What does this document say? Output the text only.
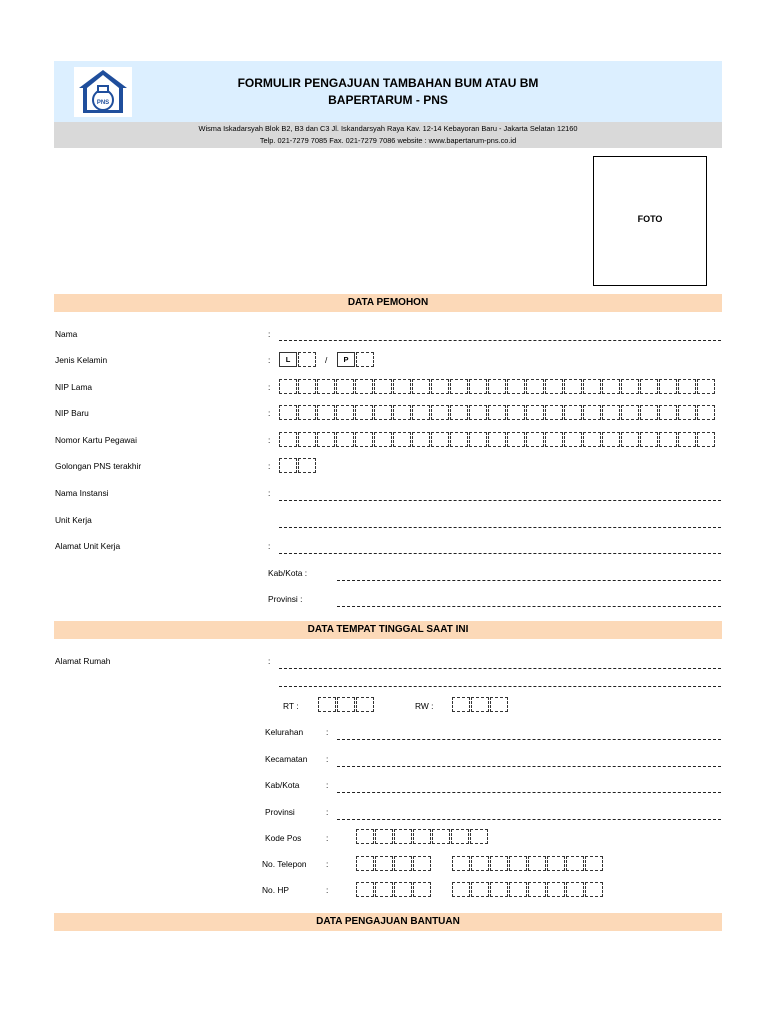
PNS
FORMULIR PENGAJUAN TAMBAHAN BUM ATAU BM
BAPERTARUM - PNS
Wisma Iskadarsyah Blok B2, B3 dan C3 Jl. Iskandarsyah Raya Kav. 12-14 Kebayoran Baru - Jakarta Selatan 12160
Telp. 021-7279 7085 Fax. 021-7279 7086 website : www.bapertarum-pns.co.id
FOTO
DATA PEMOHON
Nama	:
Jenis Kelamin	:	L	/	P
NIP Lama	:
NIP Baru	:
Nomor Kartu Pegawai	:
Golongan PNS terakhir	:
Nama Instansi	:
Unit Kerja
Alamat Unit Kerja	:
Kab/Kota :
Provinsi :
DATA TEMPAT TINGGAL SAAT INI
Alamat Rumah	:
RT :	RW :
Kelurahan	:
Kecamatan :
Kab/Kota	:
Provinsi	:
Kode Pos	:
No. Telepon :
No. HP	:
DATA PENGAJUAN BANTUAN
